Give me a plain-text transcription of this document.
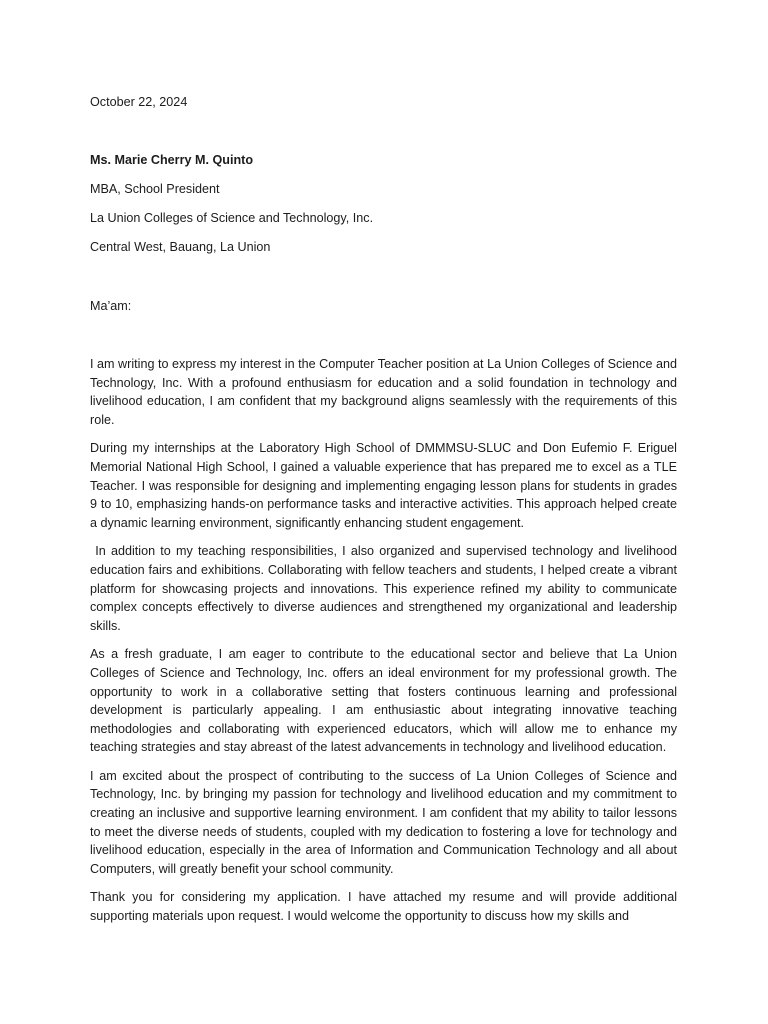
October 22, 2024

Ms. Marie Cherry M. Quinto

MBA, School President

La Union Colleges of Science and Technology, Inc.

Central West, Bauang, La Union

Ma’am:

I am writing to express my interest in the Computer Teacher position at La Union Colleges of Science and Technology, Inc. With a profound enthusiasm for education and a solid foundation in technology and livelihood education, I am confident that my background aligns seamlessly with the requirements of this role.

During my internships at the Laboratory High School of DMMMSU-SLUC and Don Eufemio F. Eriguel Memorial National High School, I gained a valuable experience that has prepared me to excel as a TLE Teacher. I was responsible for designing and implementing engaging lesson plans for students in grades 9 to 10, emphasizing hands-on performance tasks and interactive activities. This approach helped create a dynamic learning environment, significantly enhancing student engagement.

In addition to my teaching responsibilities, I also organized and supervised technology and livelihood education fairs and exhibitions. Collaborating with fellow teachers and students, I helped create a vibrant platform for showcasing projects and innovations. This experience refined my ability to communicate complex concepts effectively to diverse audiences and strengthened my organizational and leadership skills.

As a fresh graduate, I am eager to contribute to the educational sector and believe that La Union Colleges of Science and Technology, Inc. offers an ideal environment for my professional growth. The opportunity to work in a collaborative setting that fosters continuous learning and professional development is particularly appealing. I am enthusiastic about integrating innovative teaching methodologies and collaborating with experienced educators, which will allow me to enhance my teaching strategies and stay abreast of the latest advancements in technology and livelihood education.

I am excited about the prospect of contributing to the success of La Union Colleges of Science and Technology, Inc. by bringing my passion for technology and livelihood education and my commitment to creating an inclusive and supportive learning environment. I am confident that my ability to tailor lessons to meet the diverse needs of students, coupled with my dedication to fostering a love for technology and livelihood education, especially in the area of Information and Communication Technology and all about Computers, will greatly benefit your school community.

Thank you for considering my application. I have attached my resume and will provide additional supporting materials upon request. I would welcome the opportunity to discuss how my skills and
